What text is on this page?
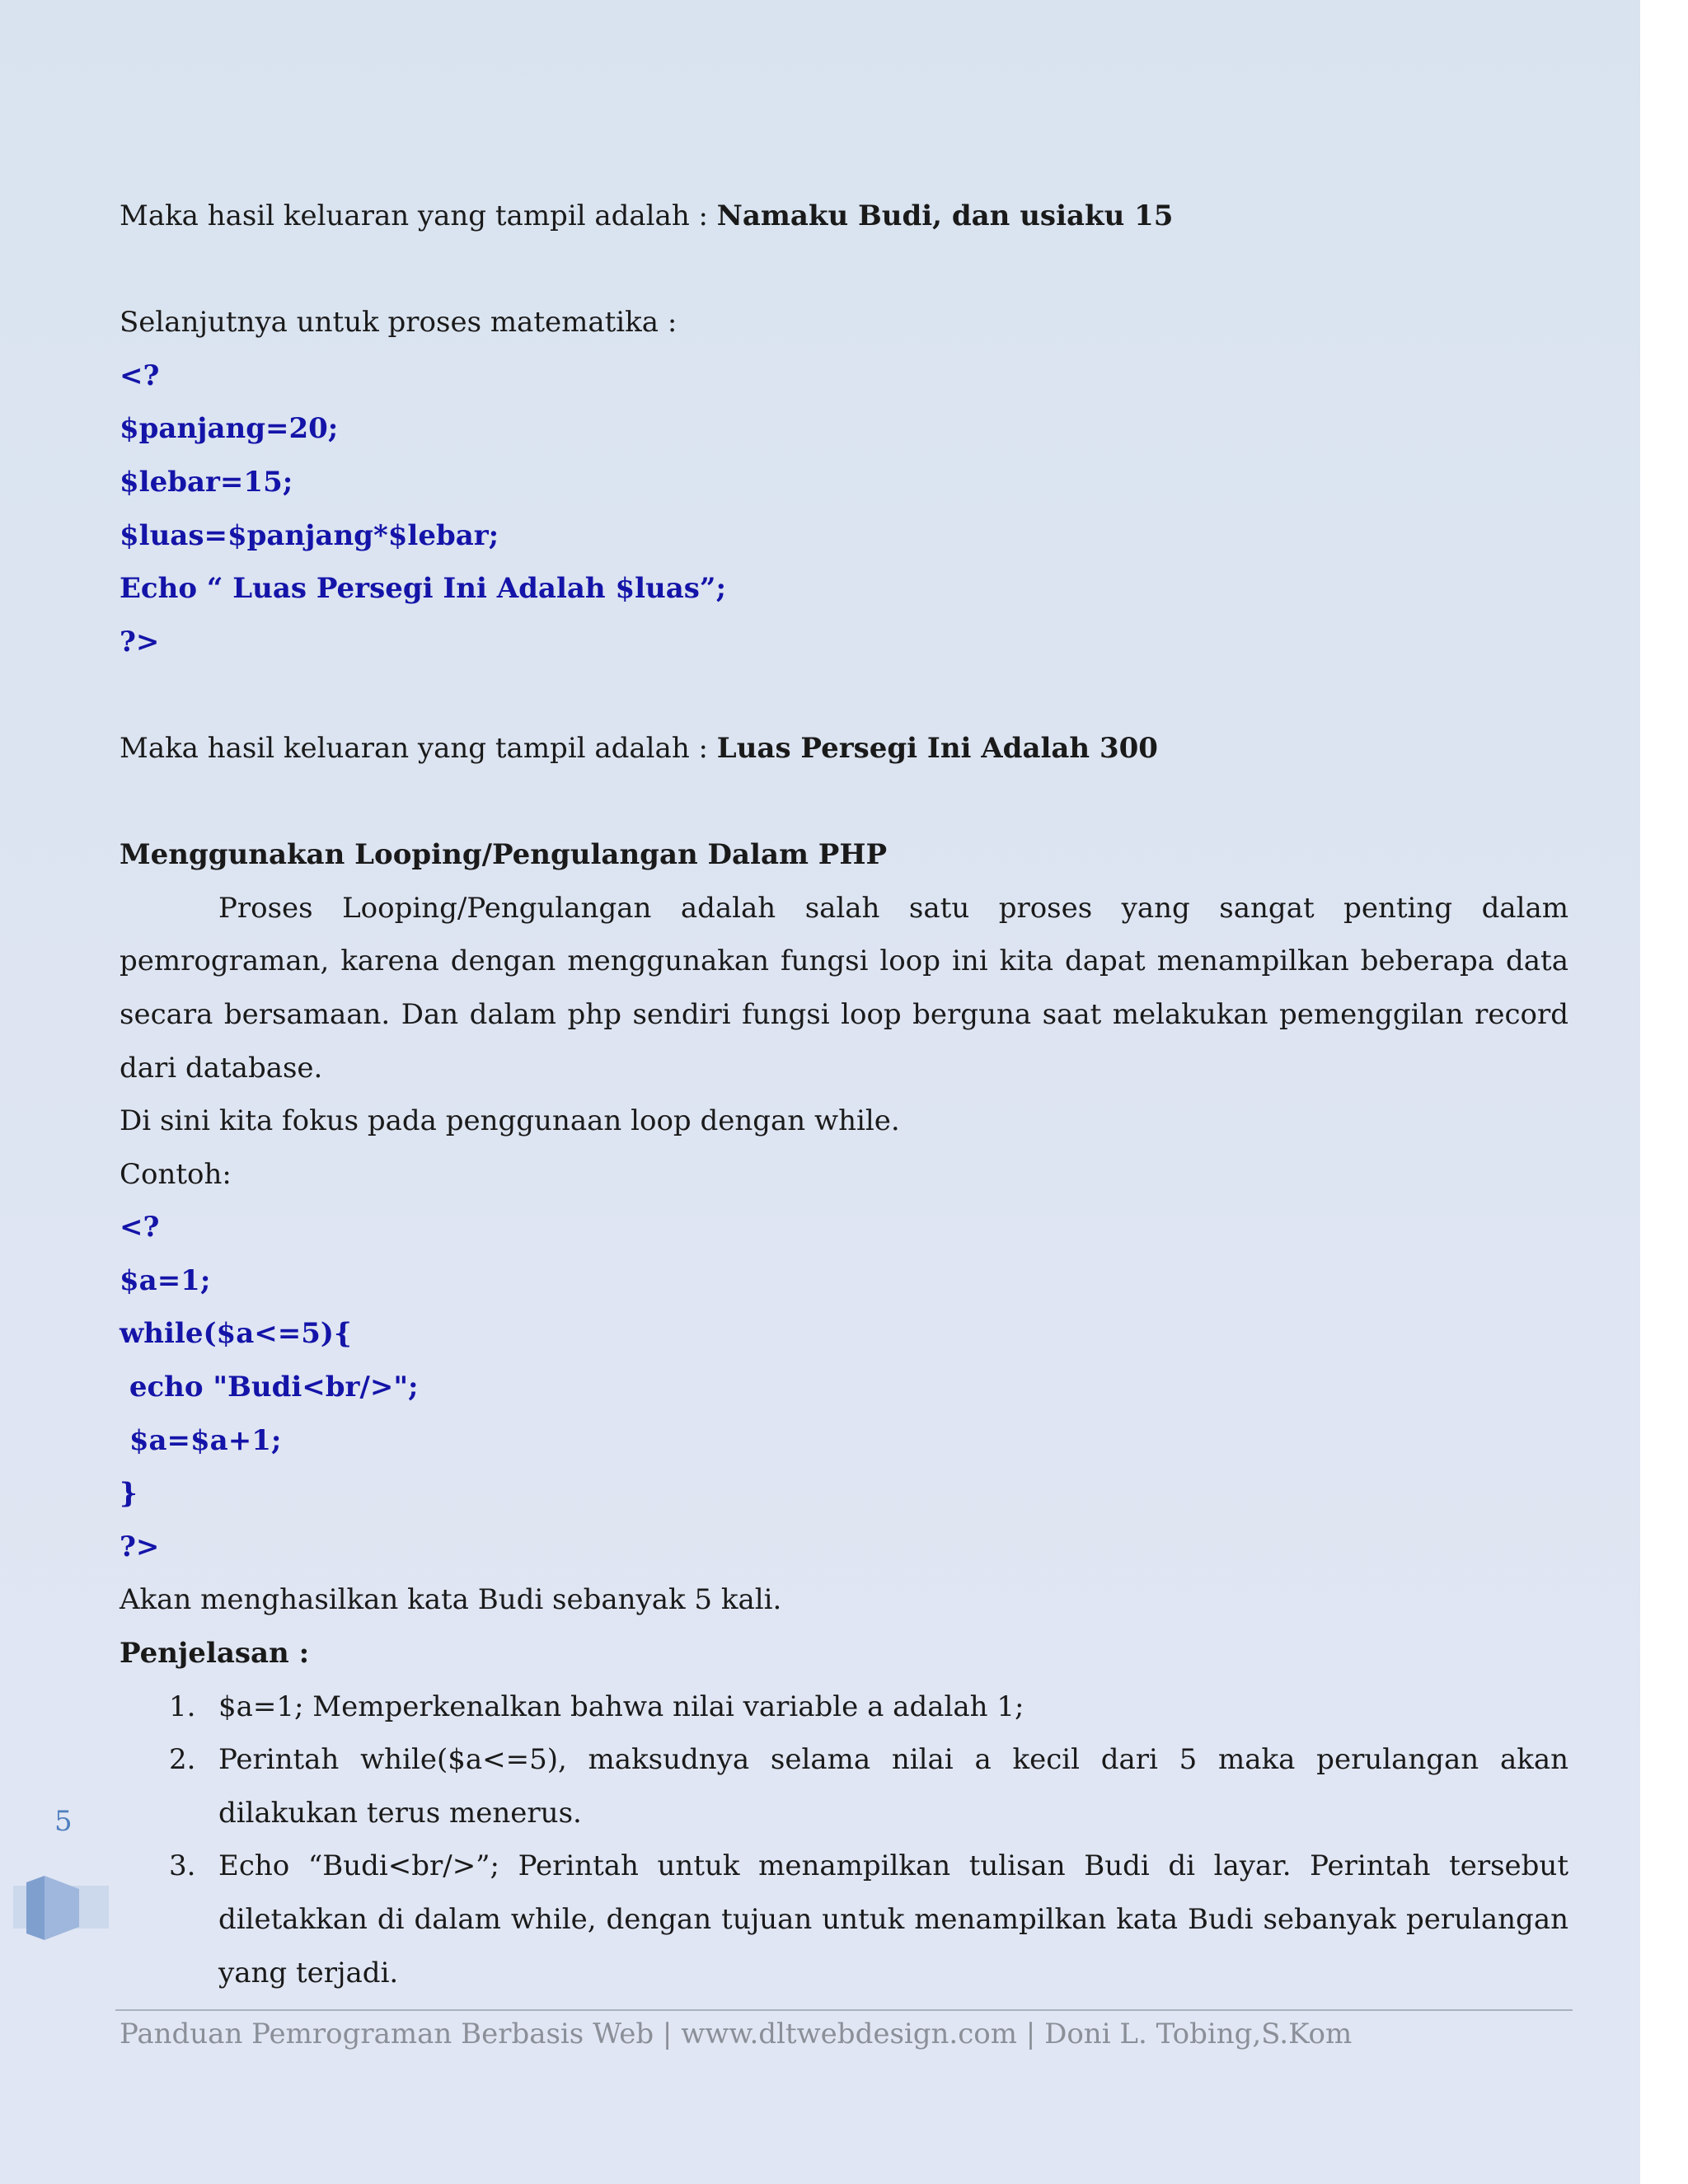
Maka hasil keluaran yang tampil adalah : Namaku Budi, dan usiaku 15
Selanjutnya untuk proses matematika :
<?
$panjang=20;
$lebar=15;
$luas=$panjang*$lebar;
Echo “ Luas Persegi Ini Adalah $luas”;
?>
Maka hasil keluaran yang tampil adalah : Luas Persegi Ini Adalah 300
Menggunakan Looping/Pengulangan Dalam PHP
Proses Looping/Pengulangan adalah salah satu proses yang sangat penting dalam pemrograman, karena dengan menggunakan fungsi loop ini kita dapat menampilkan beberapa data secara bersamaan. Dan dalam php sendiri fungsi loop berguna saat melakukan pemenggilan record dari database.
Di sini kita fokus pada penggunaan loop dengan while.
Contoh:
<?
$a=1;
while($a<=5){
echo "Budi<br/>";
$a=$a+1;
}
?>
Akan menghasilkan kata Budi sebanyak 5 kali.
Penjelasan :
1. $a=1; Memperkenalkan bahwa nilai variable a adalah 1;
2. Perintah while($a<=5), maksudnya selama nilai a kecil dari 5 maka perulangan akan dilakukan terus menerus.
3. Echo “Budi<br/>”; Perintah untuk menampilkan tulisan Budi di layar. Perintah tersebut diletakkan di dalam while, dengan tujuan untuk menampilkan kata Budi sebanyak perulangan yang terjadi.
5
Panduan Pemrograman Berbasis Web | www.dltwebdesign.com | Doni L. Tobing,S.Kom
